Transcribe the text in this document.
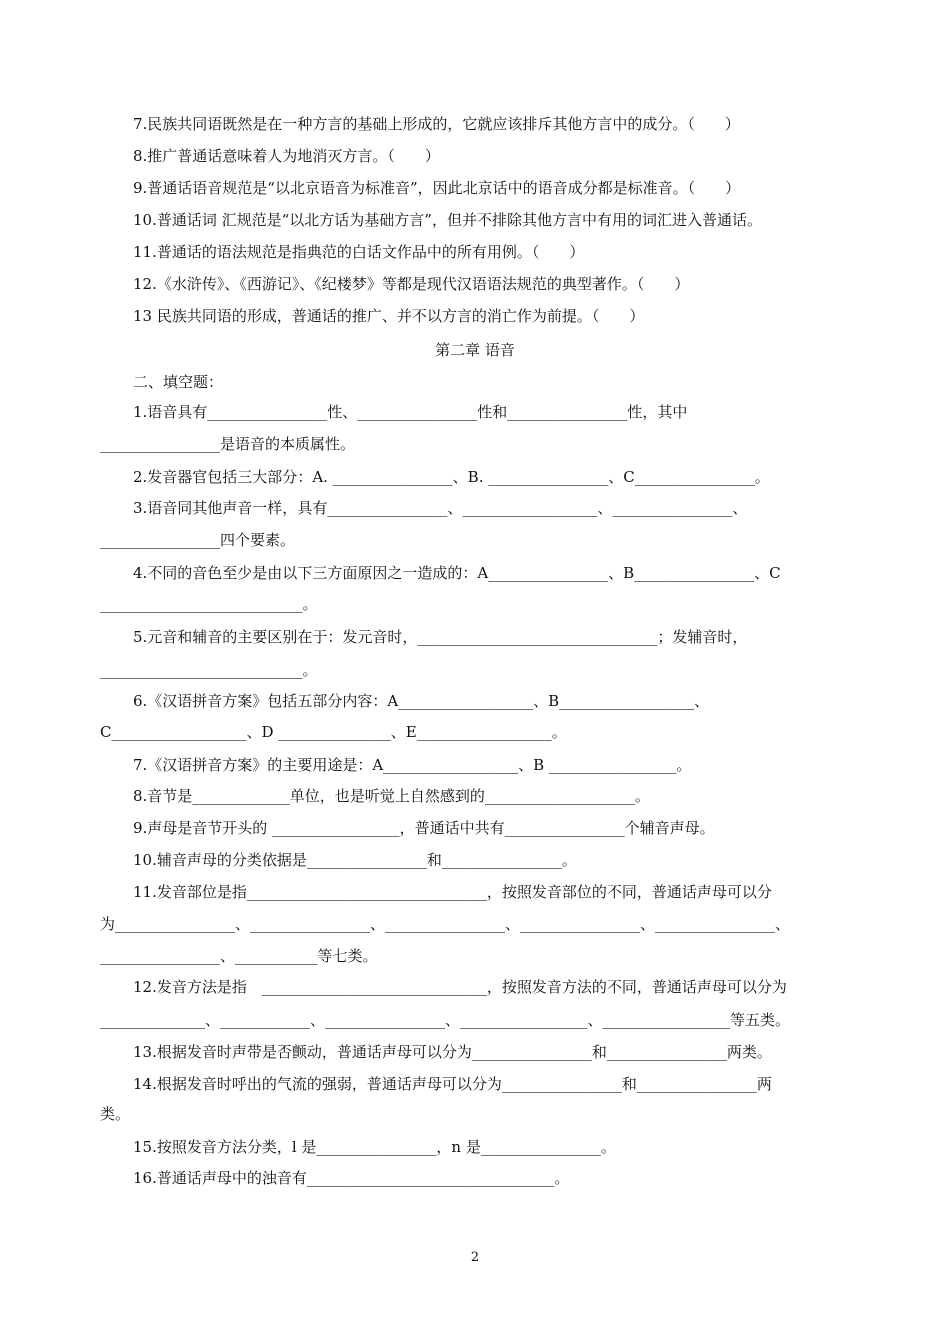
7.民族共同语既然是在一种方言的基础上形成的，它就应该排斥其他方言中的成分。（　　）
8.推广普通话意味着人为地消灭方言。（　　）
9.普通话语音规范是“以北京语音为标准音”，因此北京话中的语音成分都是标准音。（　　）
10.普通话词 汇规范是“以北方话为基础方言”，但并不排除其他方言中有用的词汇进入普通话。
11.普通话的语法规范是指典范的白话文作品中的所有用例。（　　）
12.《水浒传》、《西游记》、《纪楼梦》等都是现代汉语语法规范的典型著作。（　　）
13 民族共同语的形成，普通话的推广、并不以方言的消亡作为前提。（　　）
第二章 语音
二、填空题：
1.语音具有________________性、________________性和________________性，其中
________________是语音的本质属性。
2.发音器官包括三大部分：A. ________________、B. ________________、C________________。
3.语音同其他声音一样，具有________________、__________________、________________、
________________四个要素。
4.不同的音色至少是由以下三方面原因之一造成的：A________________、B________________、C
___________________________。
5.元音和辅音的主要区别在于：发元音时，________________________________；发辅音时，
___________________________。
6.《汉语拼音方案》包括五部分内容：A__________________、B__________________、
C__________________、D _______________、E__________________。
7.《汉语拼音方案》的主要用途是：A__________________、B _________________。
8.音节是_____________单位，也是听觉上自然感到的____________________。
9.声母是音节开头的 _________________，普通话中共有________________个辅音声母。
10.辅音声母的分类依据是________________和________________。
11.发音部位是指________________________________，按照发音部位的不同，普通话声母可以分
为________________、________________、________________、________________、________________、
________________、___________等七类。
12.发音方法是指　______________________________，按照发音方法的不同，普通话声母可以分为
______________、____________、________________、_________________、_________________等五类。
13.根据发音时声带是否颤动，普通话声母可以分为________________和________________两类。
14.根据发音时呼出的气流的强弱，普通话声母可以分为________________和________________两
类。
15.按照发音方法分类，l 是________________，n 是________________。
16.普通话声母中的浊音有_________________________________。
2
